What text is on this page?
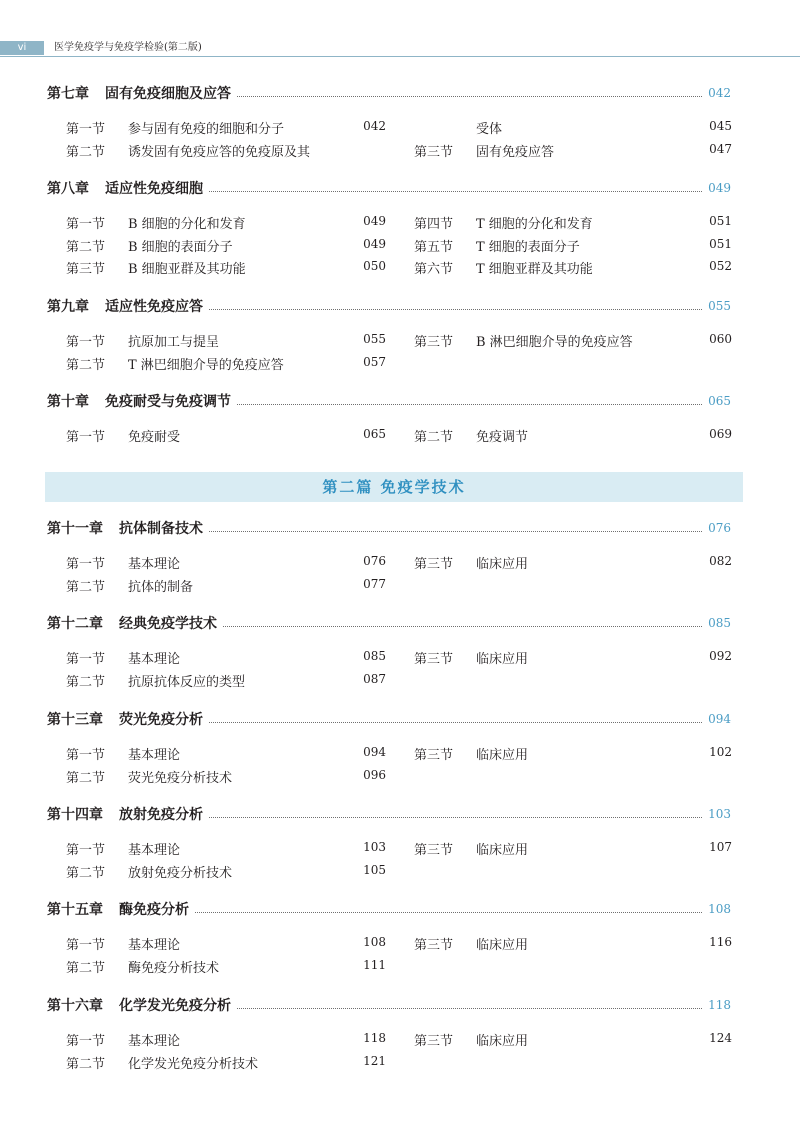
vi	医学免疫学与免疫学检验(第二版)
第二篇 免疫学技术
第七章 固有免疫细胞及应答	042
第一节 参与固有免疫的细胞和分子	042
第二节 诱发固有免疫应答的免疫原及其
受体	045
第三节 固有免疫应答	047
第八章 适应性免疫细胞	049
第一节 B 细胞的分化和发育	049
第二节 B 细胞的表面分子	049
第三节 B 细胞亚群及其功能	050
第四节 T 细胞的分化和发育	051
第五节 T 细胞的表面分子	051
第六节 T 细胞亚群及其功能	052
第九章 适应性免疫应答	055
第一节 抗原加工与提呈	055
第二节 T 淋巴细胞介导的免疫应答	057
第三节 B 淋巴细胞介导的免疫应答	060
第十章 免疫耐受与免疫调节	065
第一节 免疫耐受	065 第二节 免疫调节	069
第十一章 抗体制备技术	076
第一节 基本理论	076
第二节 抗体的制备	077
第三节 临床应用	082
第十二章 经典免疫学技术	085
第一节 基本理论	085
第二节 抗原抗体反应的类型	087
第三节 临床应用	092
第十三章 荧光免疫分析	094
第一节 基本理论	094
第二节 荧光免疫分析技术	096
第三节 临床应用	102
第十四章 放射免疫分析	103
第一节 基本理论	103
第二节 放射免疫分析技术	105
第三节 临床应用	107
第十五章 酶免疫分析	108
第一节 基本理论	108
第二节 酶免疫分析技术	111
第三节 临床应用	116
第十六章 化学发光免疫分析	118
第一节 基本理论	118
第二节 化学发光免疫分析技术	121
第三节 临床应用	124
